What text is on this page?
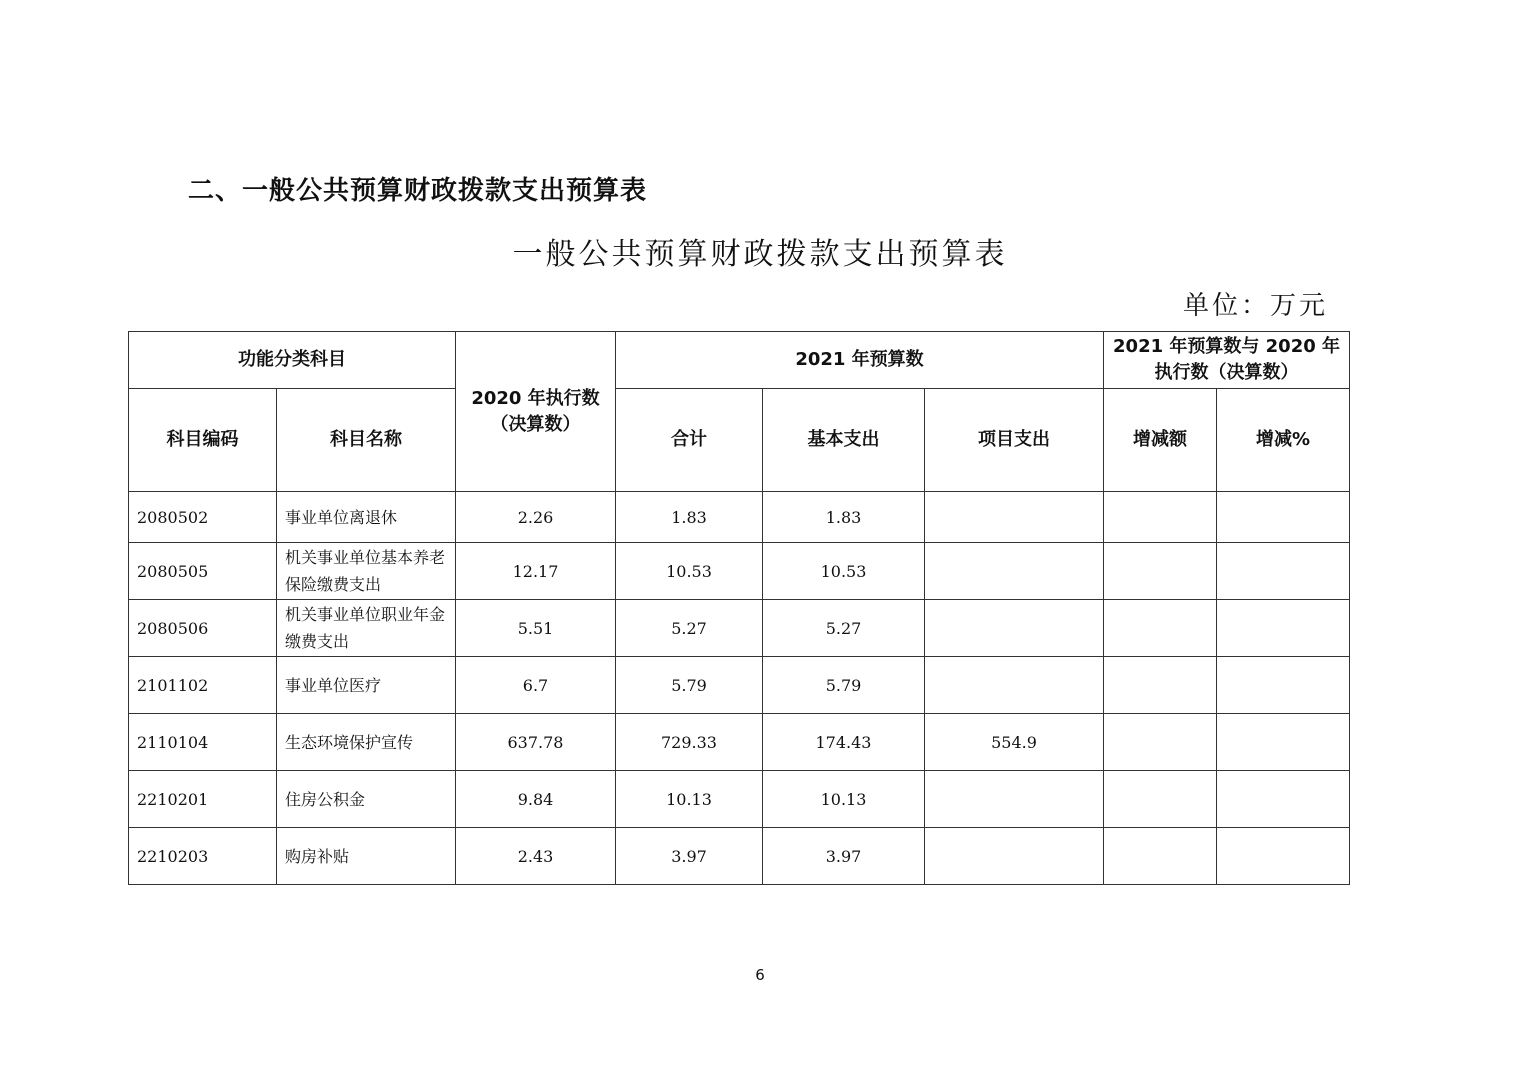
二、一般公共预算财政拨款支出预算表
一般公共预算财政拨款支出预算表
单位：万元
功能分类科目		2020 年执行数（决算数）	2021 年预算数			2021 年预算数与 2020 年执行数（决算数）	
科目编码	科目名称		合计	基本支出	项目支出	增减额	增减%
2080502	事业单位离退休	2.26	1.83	1.83			
2080505	机关事业单位基本养老保险缴费支出	12.17	10.53	10.53			
2080506	机关事业单位职业年金缴费支出	5.51	5.27	5.27			
2101102	事业单位医疗	6.7	5.79	5.79			
2110104	生态环境保护宣传	637.78	729.33	174.43	554.9		
2210201	住房公积金	9.84	10.13	10.13			
2210203	购房补贴	2.43	3.97	3.97			
6
